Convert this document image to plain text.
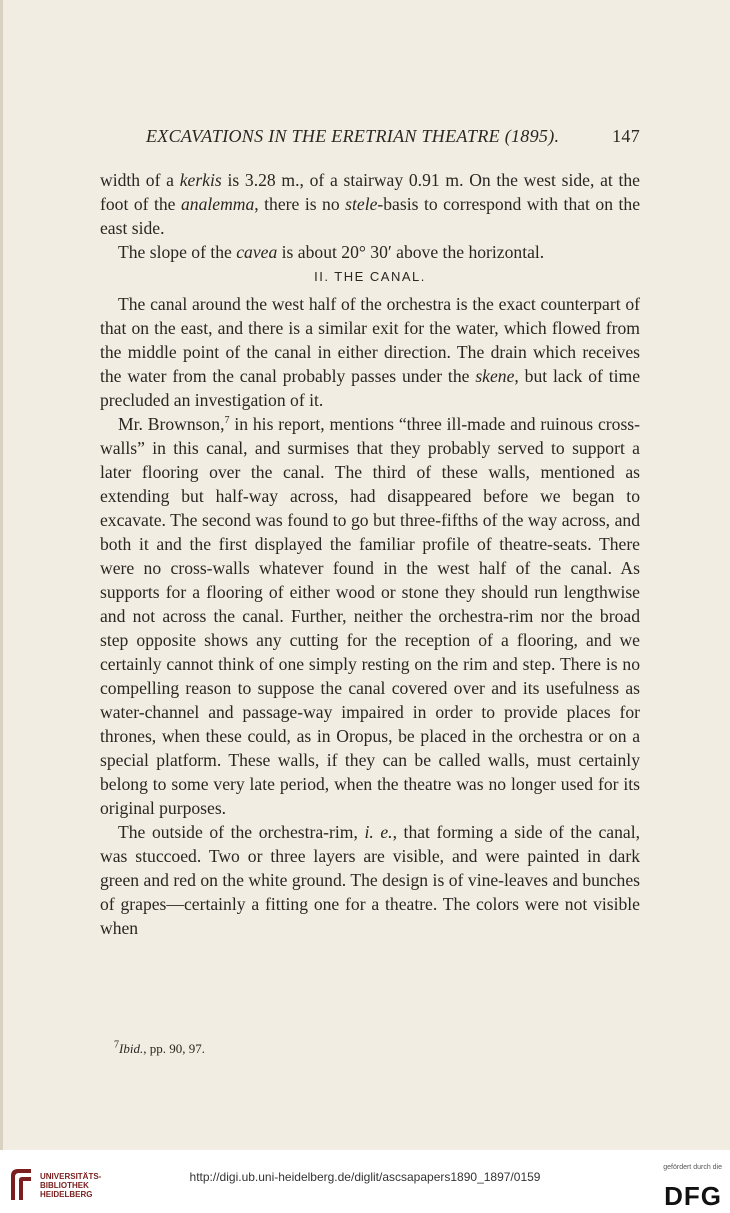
EXCAVATIONS IN THE ERETRIAN THEATRE (1895).	147

width of a kerkis is 3.28 m., of a stairway 0.91 m. On the west side, at the foot of the analemma, there is no stele-basis to correspond with that on the east side.

The slope of the cavea is about 20° 30′ above the horizontal.

II. THE CANAL.

The canal around the west half of the orchestra is the exact counterpart of that on the east, and there is a similar exit for the water, which flowed from the middle point of the canal in either direction. The drain which receives the water from the canal probably passes under the skene, but lack of time precluded an investigation of it.

Mr. Brownson,$^7$ in his report, mentions “three ill-made and ruinous cross-walls” in this canal, and surmises that they probably served to support a later flooring over the canal. The third of these walls, mentioned as extending but half-way across, had disappeared before we began to excavate. The second was found to go but three-fifths of the way across, and both it and the first displayed the familiar profile of theatre-seats. There were no cross-walls whatever found in the west half of the canal. As supports for a flooring of either wood or stone they should run lengthwise and not across the canal. Further, neither the orchestra-rim nor the broad step opposite shows any cutting for the reception of a flooring, and we certainly cannot think of one simply resting on the rim and step. There is no compelling reason to suppose the canal covered over and its usefulness as water-channel and passage-way impaired in order to provide places for thrones, when these could, as in Oropus, be placed in the orchestra or on a special platform. These walls, if they can be called walls, must certainly belong to some very late period, when the theatre was no longer used for its original purposes.

The outside of the orchestra-rim, i. e., that forming a side of the canal, was stuccoed. Two or three layers are visible, and were painted in dark green and red on the white ground. The design is of vine-leaves and bunches of grapes—certainly a fitting one for a theatre. The colors were not visible when

$^7$Ibid., pp. 90, 97.
UNIVERSITÄTS-
BIBLIOTHEK
HEIDELBERG
http://digi.ub.uni-heidelberg.de/diglit/ascsapapers1890_1897/0159
gefördert durch die
DFG
